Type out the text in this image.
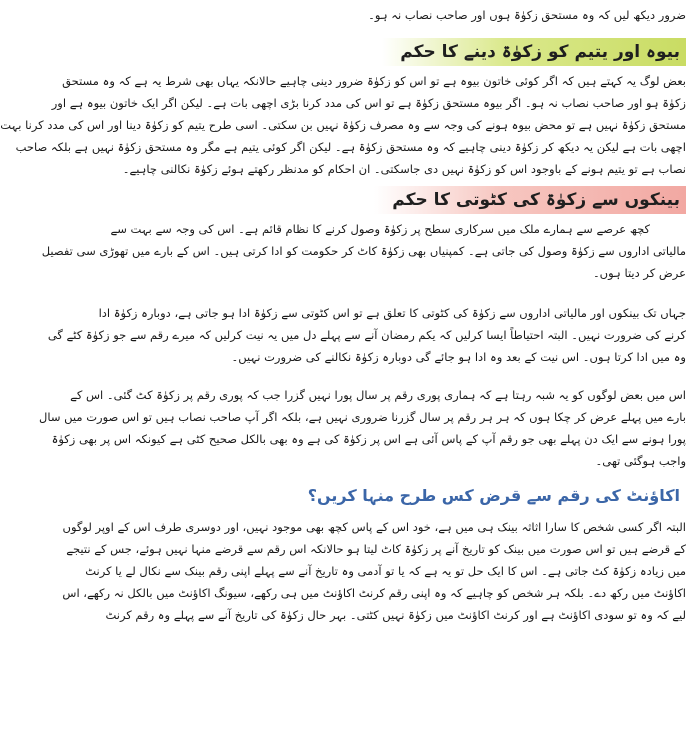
ضرور دیکھ لیں کہ وہ مستحق زکوٰۃ ہوں اور صاحب نصاب نہ ہو۔
بیوہ اور یتیم کو زکوٰۃ دینے کا حکم
بعض لوگ یہ کہتے ہیں کہ اگر کوئی خاتون بیوہ ہے تو اس کو زکوٰۃ ضرور دینی چاہیے حالانکہ یہاں بھی شرط یہ ہے کہ وہ مستحق
زکوٰۃ ہو اور صاحب نصاب نہ ہو۔ اگر بیوہ مستحق زکوٰۃ ہے تو اس کی مدد کرنا بڑی اچھی بات ہے۔ لیکن اگر ایک خاتون بیوہ ہے اور
مستحق زکوٰۃ نہیں ہے تو محض بیوہ ہونے کی وجہ سے وہ مصرف زکوٰۃ نہیں بن سکتی۔ اسی طرح یتیم کو زکوٰۃ دینا اور اس کی مدد کرنا بہت
اچھی بات ہے لیکن یہ دیکھ کر زکوٰۃ دینی چاہیے کہ وہ مستحق زکوٰۃ ہے۔ لیکن اگر کوئی یتیم ہے مگر وہ مستحق زکوٰۃ نہیں ہے بلکہ صاحب
نصاب ہے تو یتیم ہونے کے باوجود اس کو زکوٰۃ نہیں دی جاسکتی۔ ان احکام کو مدنظر رکھتے ہوئے زکوٰۃ نکالنی چاہیے۔
بینکوں سے زکوٰۃ کی کٹوتی کا حکم
کچھ عرصے سے ہمارے ملک میں سرکاری سطح پر زکوٰۃ وصول کرنے کا نظام قائم ہے۔ اس کی وجہ سے بہت سے
مالیاتی اداروں سے زکوٰۃ وصول کی جاتی ہے۔ کمپنیاں بھی زکوٰۃ کاٹ کر حکومت کو ادا کرتی ہیں۔ اس کے بارے میں تھوڑی سی تفصیل
عرض کر دیتا ہوں۔
جہاں تک بینکوں اور مالیاتی اداروں سے زکوٰۃ کی کٹوتی کا تعلق ہے تو اس کٹوتی سے زکوٰۃ ادا ہو جاتی ہے، دوبارہ زکوٰۃ ادا
کرنے کی ضرورت نہیں۔ البتہ احتیاطاً ایسا کرلیں کہ یکم رمضان آنے سے پہلے دل میں یہ نیت کرلیں کہ میرے رقم سے جو زکوٰۃ کٹے گی
وہ میں ادا کرتا ہوں۔ اس نیت کے بعد وہ ادا ہو جائے گی دوبارہ زکوٰۃ نکالنے کی ضرورت نہیں۔
اس میں بعض لوگوں کو یہ شبہ رہتا ہے کہ ہماری پوری رقم پر سال پورا نہیں گزرا جب کہ پوری رقم پر زکوٰۃ کٹ گئی۔ اس کے
بارے میں پہلے عرض کر چکا ہوں کہ ہر ہر رقم پر سال گزرنا ضروری نہیں ہے، بلکہ اگر آپ صاحب نصاب ہیں تو اس صورت میں سال
پورا ہونے سے ایک دن پہلے بھی جو رقم آپ کے پاس آئی ہے اس پر زکوٰۃ کی ہے وہ بھی بالکل صحیح کٹی ہے کیونکہ اس پر بھی زکوٰۃ
واجب ہوگئی تھی۔
اکاؤنٹ کی رقم سے قرض کس طرح منہا کریں؟
البتہ اگر کسی شخص کا سارا اثاثہ بینک ہی میں ہے، خود اس کے پاس کچھ بھی موجود نہیں، اور دوسری طرف اس کے اوپر لوگوں
کے قرضے ہیں تو اس صورت میں بینک کو تاریخ آنے پر زکوٰۃ کاٹ لیتا ہو حالانکہ اس رقم سے قرضے منہا نہیں ہوئے، جس کے نتیجے
میں زیادہ زکوٰۃ کٹ جاتی ہے۔ اس کا ایک حل تو یہ ہے کہ یا تو آدمی وہ تاریخ آنے سے پہلے اپنی رقم بینک سے نکال لے یا کرنٹ
اکاؤنٹ میں رکھ دے۔ بلکہ ہر شخص کو چاہیے کہ وہ اپنی رقم کرنٹ اکاؤنٹ میں ہی رکھے، سیونگ اکاؤنٹ میں بالکل نہ رکھے، اس
لیے کہ وہ تو سودی اکاؤنٹ ہے اور کرنٹ اکاؤنٹ میں زکوٰۃ نہیں کٹتی۔ بہر حال زکوٰۃ کی تاریخ آنے سے پہلے وہ رقم کرنٹ
